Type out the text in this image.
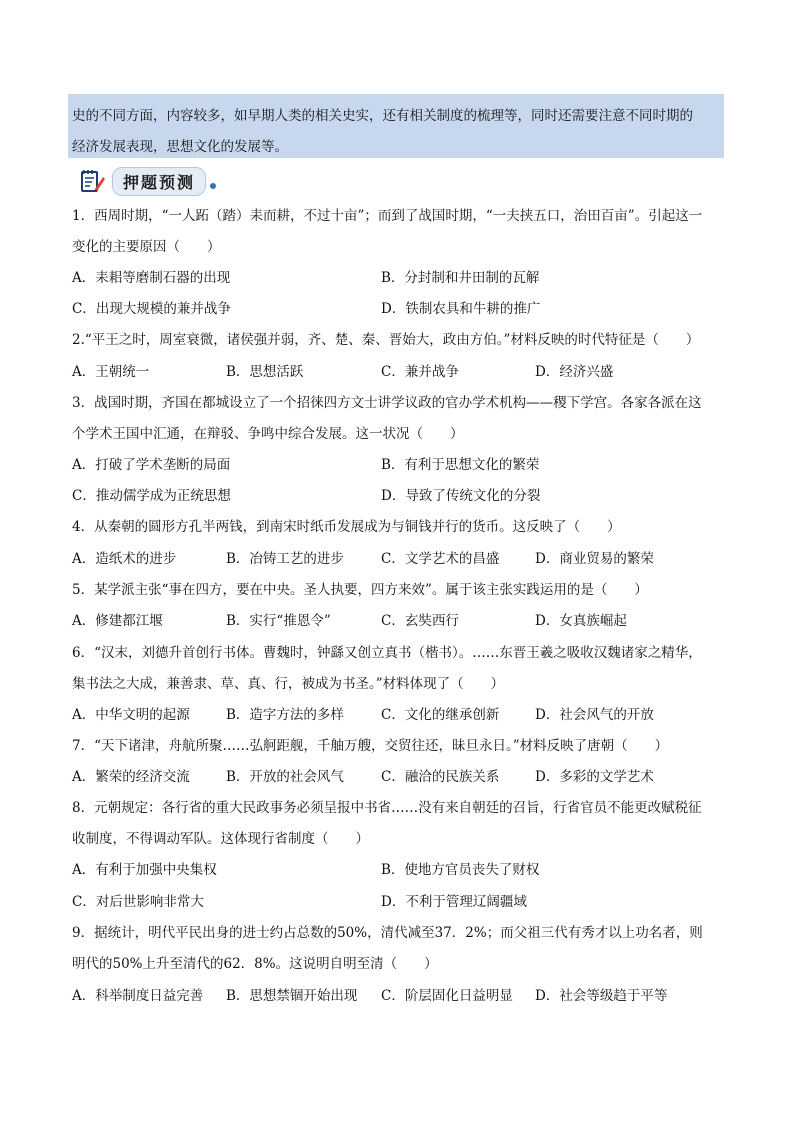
史的不同方面，内容较多，如早期人类的相关史实，还有相关制度的梳理等，同时还需要注意不同时期的
经济发展表现，思想文化的发展等。
押题预测
1．西周时期，“一人跖（踏）耒而耕，不过十亩”；而到了战国时期，“一夫挟五口，治田百亩”。引起这一
变化的主要原因（　　）
A．耒耜等磨制石器的出现	B．分封制和井田制的瓦解
C．出现大规模的兼并战争	D．铁制农具和牛耕的推广
2.“平王之时，周室衰微，诸侯强并弱，齐、楚、秦、晋始大，政由方伯。”材料反映的时代特征是（　　）
A．王朝统一	B．思想活跃	C．兼并战争	D．经济兴盛
3．战国时期，齐国在都城设立了一个招徕四方文士讲学议政的官办学术机构——稷下学宫。各家各派在这
个学术王国中汇通，在辩驳、争鸣中综合发展。这一状况（　　）
A．打破了学术垄断的局面	B．有利于思想文化的繁荣
C．推动儒学成为正统思想	D．导致了传统文化的分裂
4．从秦朝的圆形方孔半两钱，到南宋时纸币发展成为与铜钱并行的货币。这反映了（　　）
A．造纸术的进步	B．冶铸工艺的进步	C．文学艺术的昌盛	D．商业贸易的繁荣
5．某学派主张“事在四方，要在中央。圣人执要，四方来效”。属于该主张实践运用的是（　　）
A．修建都江堰	B．实行“推恩令”	C．玄奘西行	D．女真族崛起
6．“汉末，刘德升首创行书体。曹魏时，钟繇又创立真书（楷书）。……东晋王羲之吸收汉魏诸家之精华，
集书法之大成，兼善隶、草、真、行，被成为书圣。”材料体现了（　　）
A．中华文明的起源	B．造字方法的多样	C．文化的继承创新	D．社会风气的开放
7．“天下诸津，舟航所聚……弘舸距舰，千舳万艘，交贸往还，昧旦永日。”材料反映了唐朝（　　）
A．繁荣的经济交流	B．开放的社会风气	C．融洽的民族关系	D．多彩的文学艺术
8．元朝规定：各行省的重大民政事务必须呈报中书省……没有来自朝廷的召旨，行省官员不能更改赋税征
收制度，不得调动军队。这体现行省制度（　　）
A．有利于加强中央集权	B．使地方官员丧失了财权
C．对后世影响非常大	D．不利于管理辽阔疆域
9．据统计，明代平民出身的进士约占总数的50%，清代减至37．2%；而父祖三代有秀才以上功名者，则
明代的50%上升至清代的62．8%。这说明自明至清（　　）
A．科举制度日益完善 B．思想禁锢开始出现 C．阶层固化日益明显 D．社会等级趋于平等
